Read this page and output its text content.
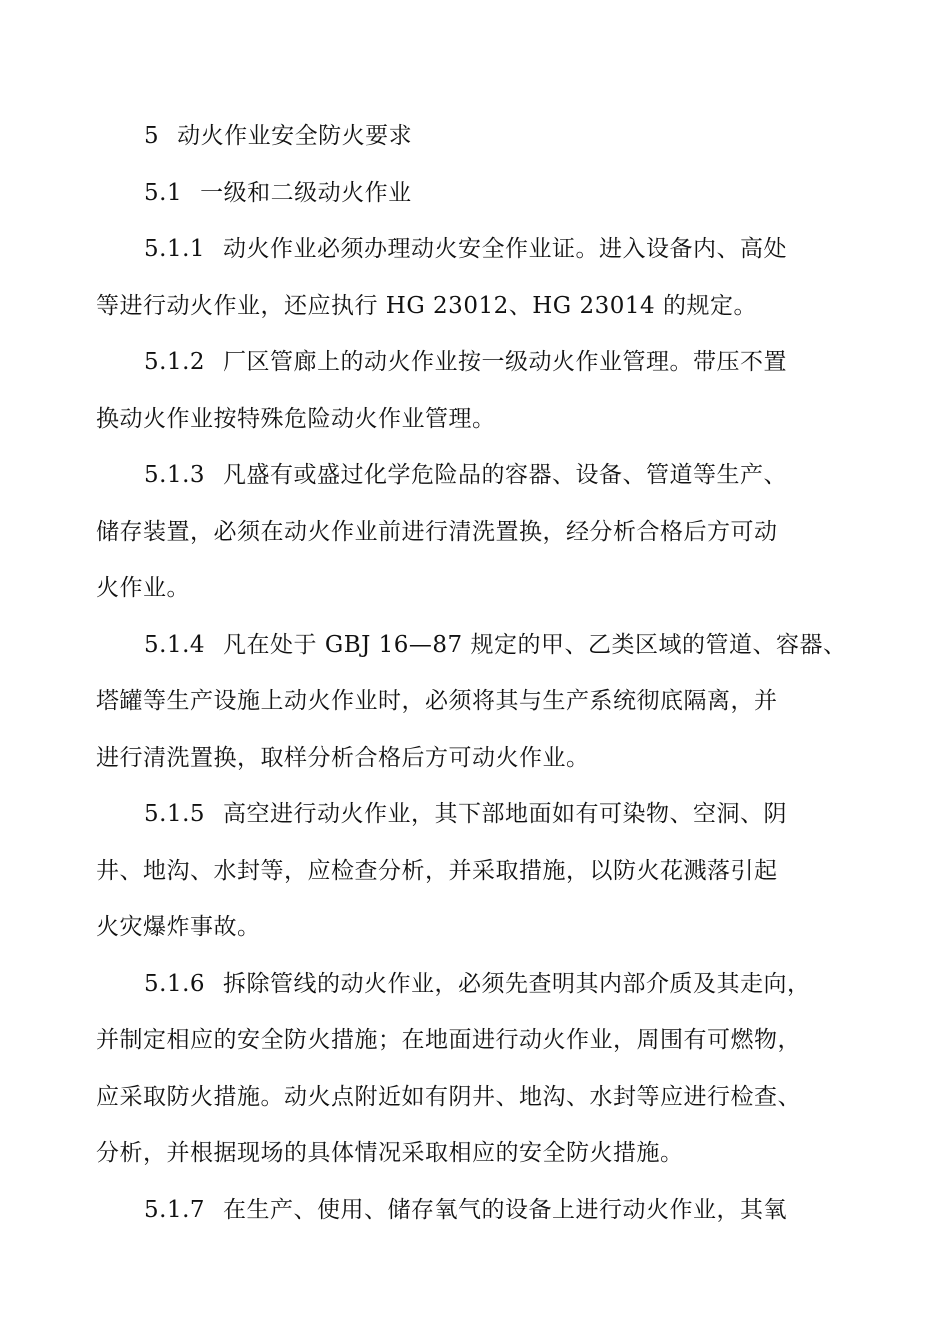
5 动火作业安全防火要求
5.1 一级和二级动火作业
5.1.1 动火作业必须办理动火安全作业证。进入设备内、高处
等进行动火作业，还应执行 HG 23012、HG 23014 的规定。
5.1.2 厂区管廊上的动火作业按一级动火作业管理。带压不置
换动火作业按特殊危险动火作业管理。
5.1.3 凡盛有或盛过化学危险品的容器、设备、管道等生产、
储存装置，必须在动火作业前进行清洗置换，经分析合格后方可动
火作业。
5.1.4 凡在处于 GBJ 16—87 规定的甲、乙类区域的管道、容器、
塔罐等生产设施上动火作业时，必须将其与生产系统彻底隔离，并
进行清洗置换，取样分析合格后方可动火作业。
5.1.5 高空进行动火作业，其下部地面如有可染物、空洞、阴
井、地沟、水封等，应检查分析，并采取措施，以防火花溅落引起
火灾爆炸事故。
5.1.6 拆除管线的动火作业，必须先查明其内部介质及其走向，
并制定相应的安全防火措施；在地面进行动火作业，周围有可燃物，
应采取防火措施。动火点附近如有阴井、地沟、水封等应进行检查、
分析，并根据现场的具体情况采取相应的安全防火措施。
5.1.7 在生产、使用、储存氧气的设备上进行动火作业，其氧
